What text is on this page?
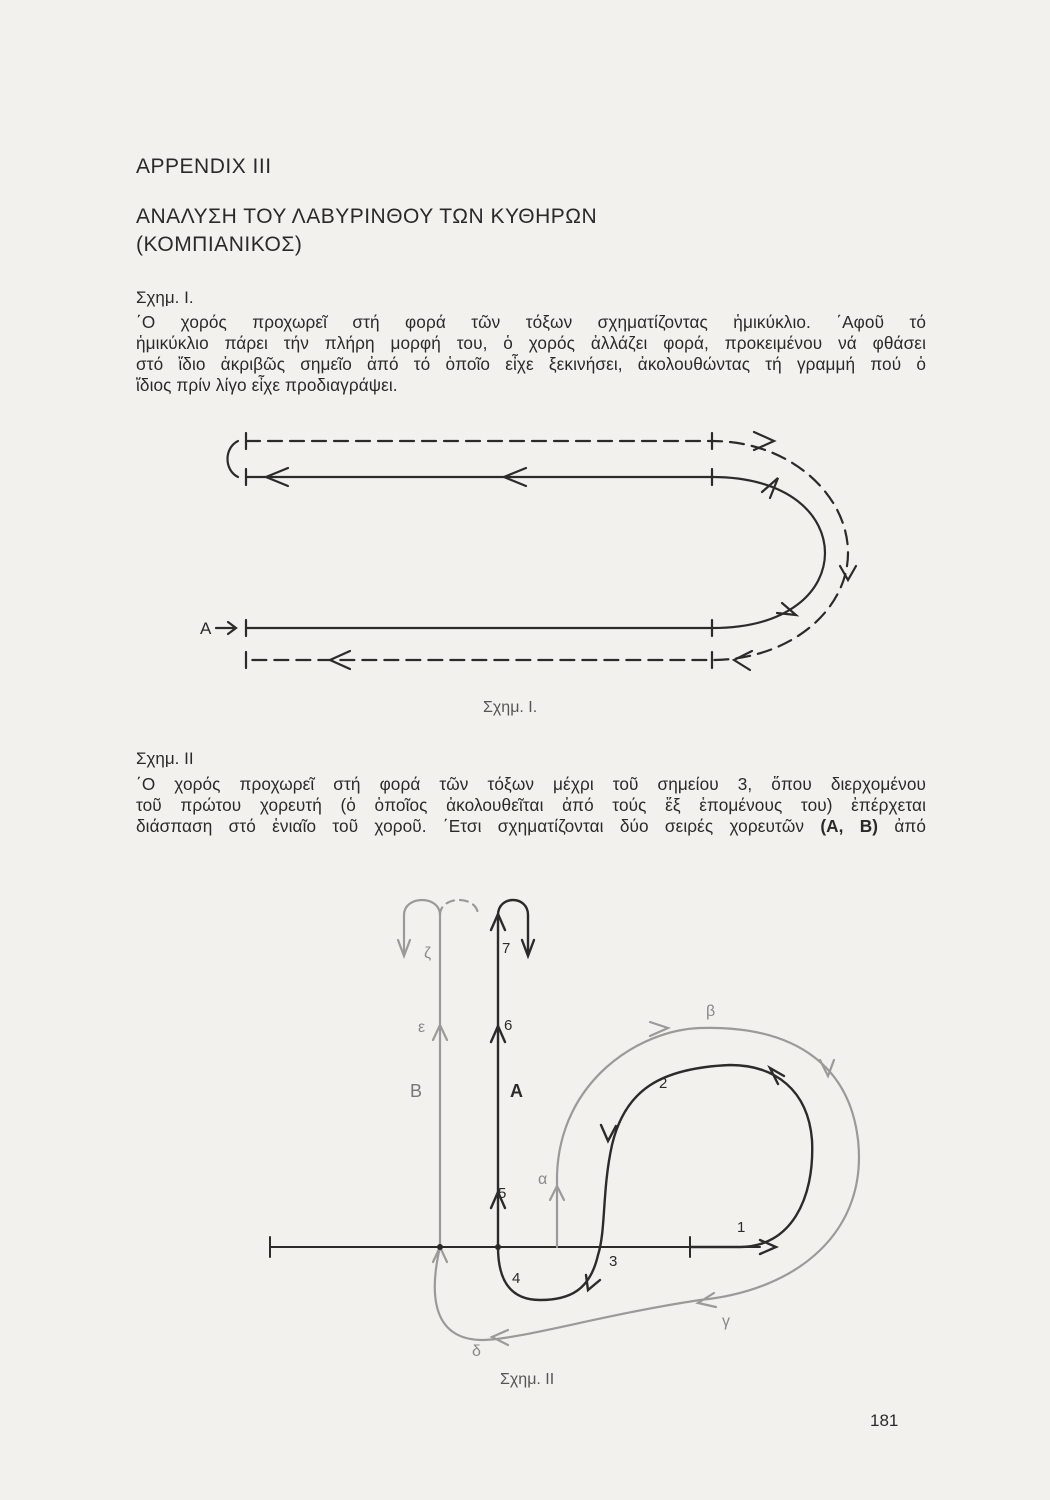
APPENDIX III
ΑΝΑΛΥΣΗ ΤΟΥ ΛΑΒΥΡΙΝΘΟΥ ΤΩΝ ΚΥΘΗΡΩΝ
(ΚΟΜΠΙΑΝΙΚΟΣ)
Σχημ. Ι.
΄Ο χορός προχωρεῖ στή φορά τῶν τόξων σχηματίζοντας ἡμικύκλιο. ΄Αφοῦ τό
ἡμικύκλιο πάρει τήν πλήρη μορφή του, ὁ χορός ἀλλάζει φορά, προκειμένου νά φθάσει
στό ἴδιο ἀκριβῶς σημεῖο ἀπό τό ὁποῖο εἶχε ξεκινήσει, ἀκολουθώντας τή γραμμή πού ὁ
ἴδιος πρίν λίγο εἶχε προδιαγράψει.
Α
Σχημ. Ι.
Σχημ. ΙΙ
΄Ο χορός προχωρεῖ στή φορά τῶν τόξων μέχρι τοῦ σημείου 3, ὅπου διερχομένου
τοῦ πρώτου χορευτή (ὁ ὁποῖος ἀκολουθεῖται ἀπό τούς ἕξ ἑπομένους του) ἐπέρχεται
διάσπαση στό ἑνιαῖο τοῦ χοροῦ. ΄Ετσι σχηματίζονται δύο σειρές χορευτῶν (Α, Β) ἀπό
Β	Α
1
2
3
4
5
6
7
α
β
γ
δ
ε
ζ
Σχημ. ΙΙ
181
